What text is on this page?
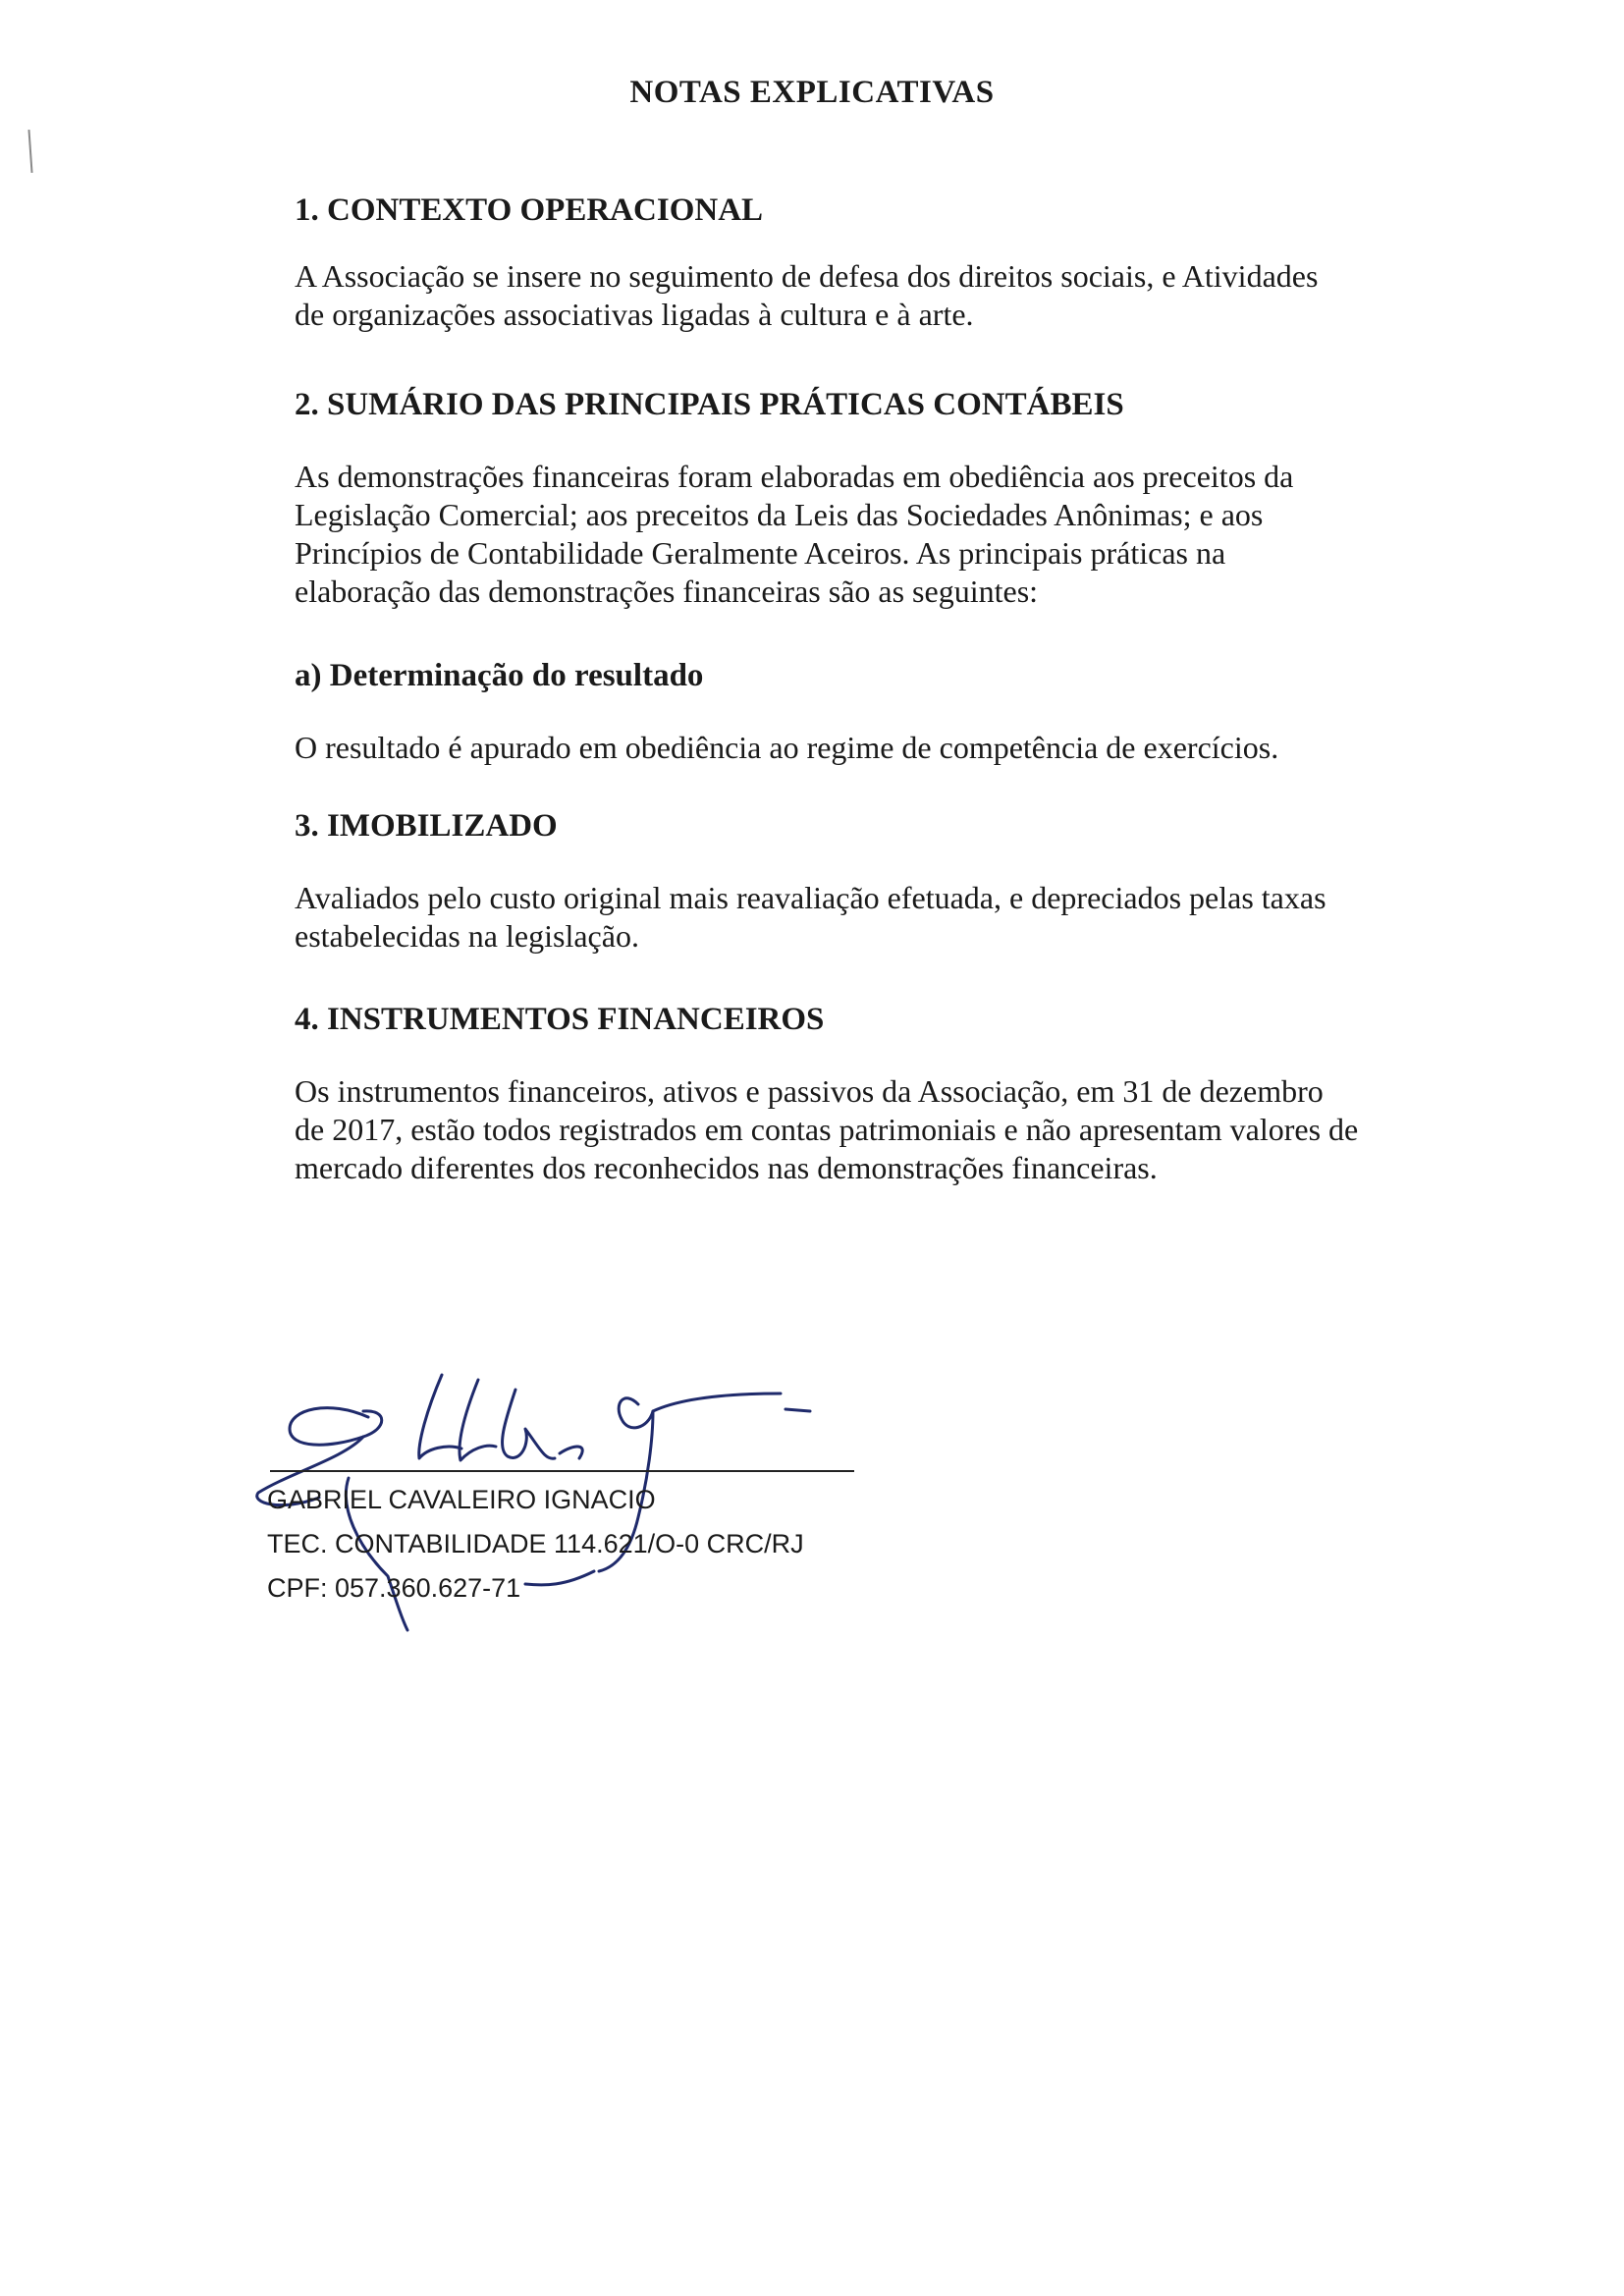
NOTAS EXPLICATIVAS
1. CONTEXTO OPERACIONAL

A Associação se insere no seguimento de defesa dos direitos sociais, e Atividades

de organizações associativas ligadas à cultura e à arte.

2. SUMÁRIO DAS PRINCIPAIS PRÁTICAS CONTÁBEIS

As demonstrações financeiras foram elaboradas em obediência aos preceitos da

Legislação Comercial; aos preceitos da Leis das Sociedades Anônimas; e aos

Princípios de Contabilidade Geralmente Aceiros. As principais práticas na

elaboração das demonstrações financeiras são as seguintes:

a) Determinação do resultado

O resultado é apurado em obediência ao regime de competência de exercícios.

3. IMOBILIZADO

Avaliados pelo custo original mais reavaliação efetuada, e depreciados pelas taxas

estabelecidas na legislação.

4. INSTRUMENTOS FINANCEIROS

Os instrumentos financeiros, ativos e passivos da Associação, em 31 de dezembro

de 2017, estão todos registrados em contas patrimoniais e não apresentam valores de

mercado diferentes dos reconhecidos nas demonstrações financeiras.

GABRIEL CAVALEIRO IGNACIO

TEC. CONTABILIDADE 114.621/O-0 CRC/RJ

CPF: 057.360.627-71
